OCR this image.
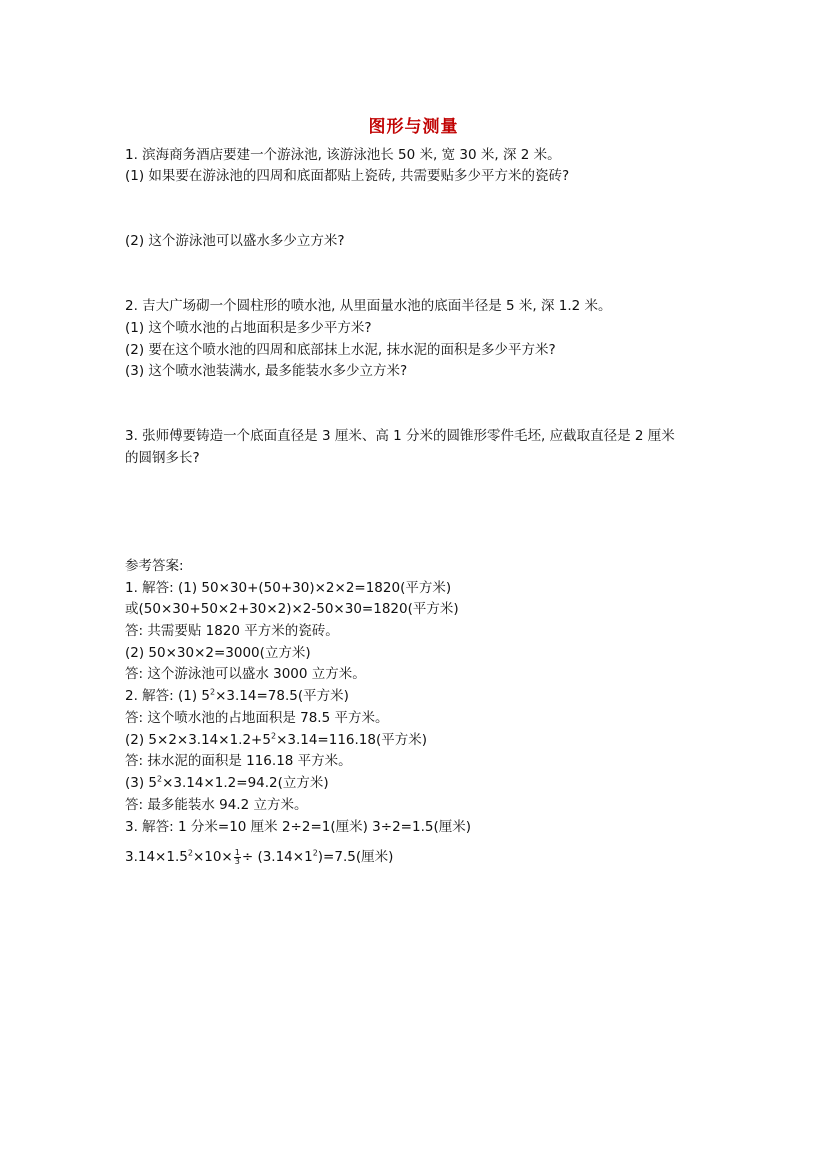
图形与测量
1. 滨海商务酒店要建一个游泳池, 该游泳池长 50 米, 宽 30 米, 深 2 米。
(1) 如果要在游泳池的四周和底面都贴上瓷砖, 共需要贴多少平方米的瓷砖?
(2) 这个游泳池可以盛水多少立方米?
2. 吉大广场砌一个圆柱形的喷水池, 从里面量水池的底面半径是 5 米, 深 1.2 米。
(1) 这个喷水池的占地面积是多少平方米?
(2) 要在这个喷水池的四周和底部抹上水泥, 抹水泥的面积是多少平方米?
(3) 这个喷水池装满水, 最多能装水多少立方米?
3. 张师傅要铸造一个底面直径是 3 厘米、高 1 分米的圆锥形零件毛坯, 应截取直径是 2 厘米
的圆钢多长?
参考答案:
1. 解答: (1) 50×30+(50+30)×2×2=1820(平方米)
或(50×30+50×2+30×2)×2-50×30=1820(平方米)
答: 共需要贴 1820 平方米的瓷砖。
(2) 50×30×2=3000(立方米)
答: 这个游泳池可以盛水 3000 立方米。
2. 解答: (1) $5^2\times 3.14=78.5$(平方米)
答: 这个喷水池的占地面积是 78.5 平方米。
(2) $5\times 2\times 3.14\times 1.2+5^2\times 3.14=116.18$(平方米)
答: 抹水泥的面积是 116.18 平方米。
(3) $5^2\times 3.14\times 1.2=94.2$(立方米)
答: 最多能装水 94.2 立方米。
3. 解答: 1 分米=10 厘米 2÷2=1(厘米) 3÷2=1.5(厘米)
$3.14\times 1.5^2\times 10\times \frac{1}{3} \div (3.14\times 1^2)=7.5$(厘米)
